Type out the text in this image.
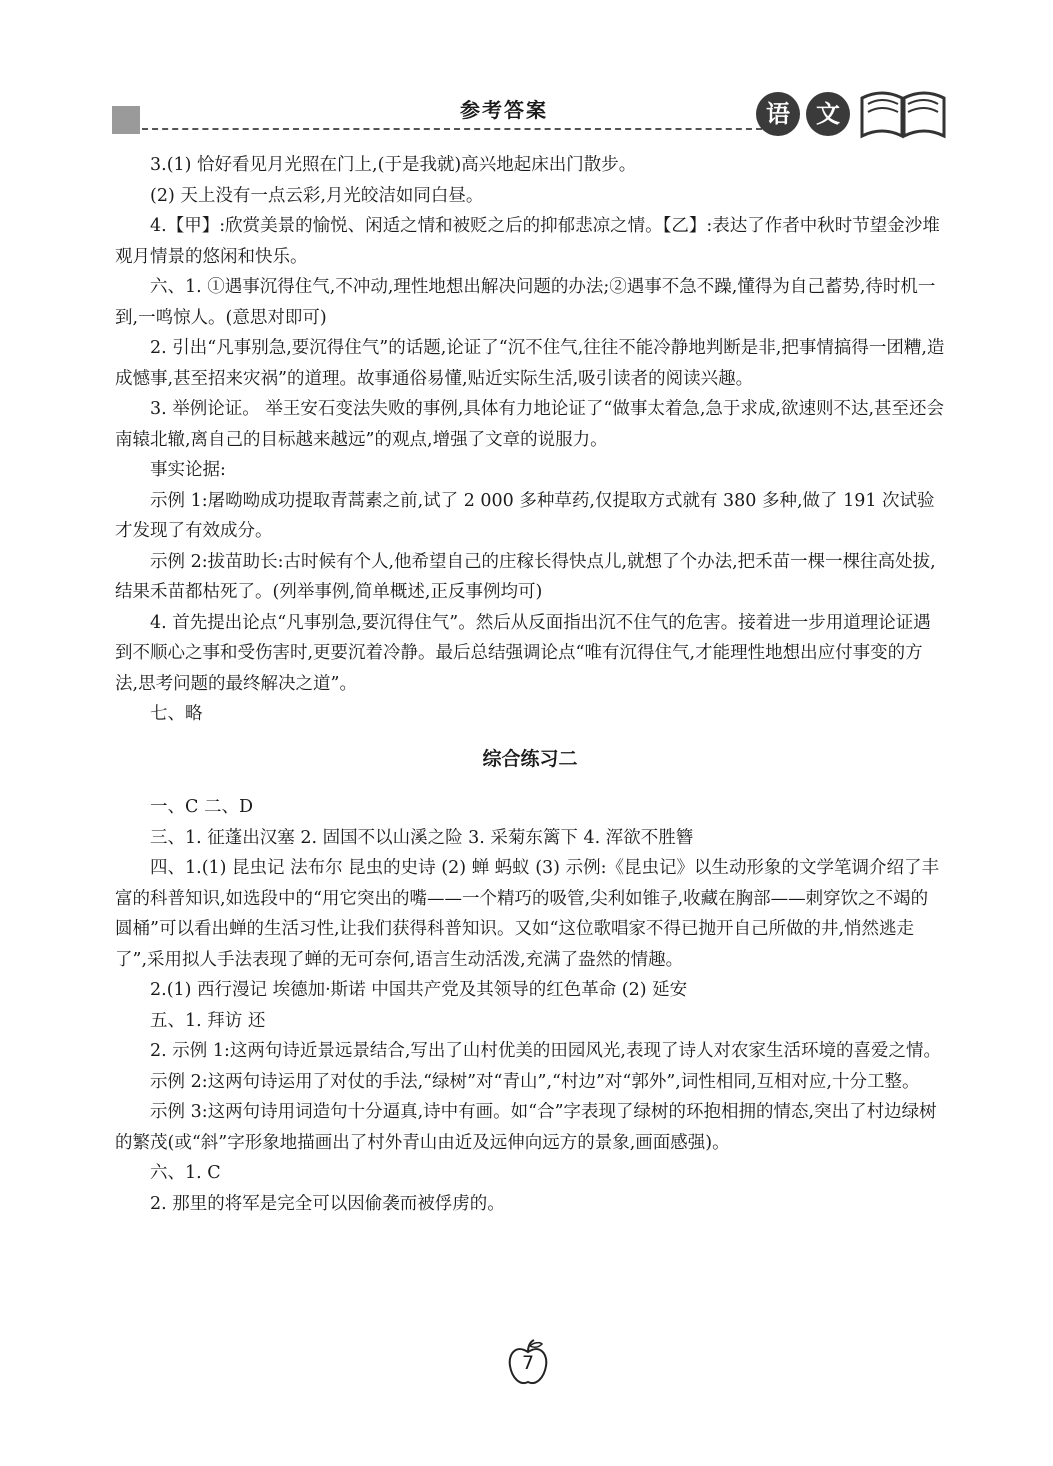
参考答案	语	文

3.(1) 恰好看见月光照在门上,(于是我就)高兴地起床出门散步。

(2) 天上没有一点云彩,月光皎洁如同白昼。

4.【甲】:欣赏美景的愉悦、闲适之情和被贬之后的抑郁悲凉之情。【乙】:表达了作者中秋时节望金沙堆观月情景的悠闲和快乐。

六、1. ①遇事沉得住气,不冲动,理性地想出解决问题的办法;②遇事不急不躁,懂得为自己蓄势,待时机一到,一鸣惊人。(意思对即可)

2. 引出“凡事别急,要沉得住气”的话题,论证了“沉不住气,往往不能冷静地判断是非,把事情搞得一团糟,造成憾事,甚至招来灾祸”的道理。故事通俗易懂,贴近实际生活,吸引读者的阅读兴趣。

3. 举例论证。 举王安石变法失败的事例,具体有力地论证了“做事太着急,急于求成,欲速则不达,甚至还会南辕北辙,离自己的目标越来越远”的观点,增强了文章的说服力。

事实论据:

示例 1:屠呦呦成功提取青蒿素之前,试了 2 000 多种草药,仅提取方式就有 380 多种,做了 191 次试验才发现了有效成分。

示例 2:拔苗助长:古时候有个人,他希望自己的庄稼长得快点儿,就想了个办法,把禾苗一棵一棵往高处拔,结果禾苗都枯死了。(列举事例,简单概述,正反事例均可)

4. 首先提出论点“凡事别急,要沉得住气”。然后从反面指出沉不住气的危害。接着进一步用道理论证遇到不顺心之事和受伤害时,更要沉着冷静。最后总结强调论点“唯有沉得住气,才能理性地想出应付事变的方法,思考问题的最终解决之道”。

七、略

综合练习二

一、C 二、D

三、1. 征蓬出汉塞 2. 固国不以山溪之险 3. 采菊东篱下 4. 浑欲不胜簪

四、1.(1) 昆虫记 法布尔 昆虫的史诗 (2) 蝉 蚂蚁 (3) 示例:《昆虫记》以生动形象的文学笔调介绍了丰富的科普知识,如选段中的“用它突出的嘴——一个精巧的吸管,尖利如锥子,收藏在胸部——刺穿饮之不竭的圆桶”可以看出蝉的生活习性,让我们获得科普知识。又如“这位歌唱家不得已抛开自己所做的井,悄然逃走了”,采用拟人手法表现了蝉的无可奈何,语言生动活泼,充满了盎然的情趣。

2.(1) 西行漫记 埃德加·斯诺 中国共产党及其领导的红色革命 (2) 延安

五、1. 拜访 还

2. 示例 1:这两句诗近景远景结合,写出了山村优美的田园风光,表现了诗人对农家生活环境的喜爱之情。

示例 2:这两句诗运用了对仗的手法,“绿树”对“青山”,“村边”对“郭外”,词性相同,互相对应,十分工整。

示例 3:这两句诗用词造句十分逼真,诗中有画。如“合”字表现了绿树的环抱相拥的情态,突出了村边绿树的繁茂(或“斜”字形象地描画出了村外青山由近及远伸向远方的景象,画面感强)。

六、1. C

2. 那里的将军是完全可以因偷袭而被俘虏的。

7
